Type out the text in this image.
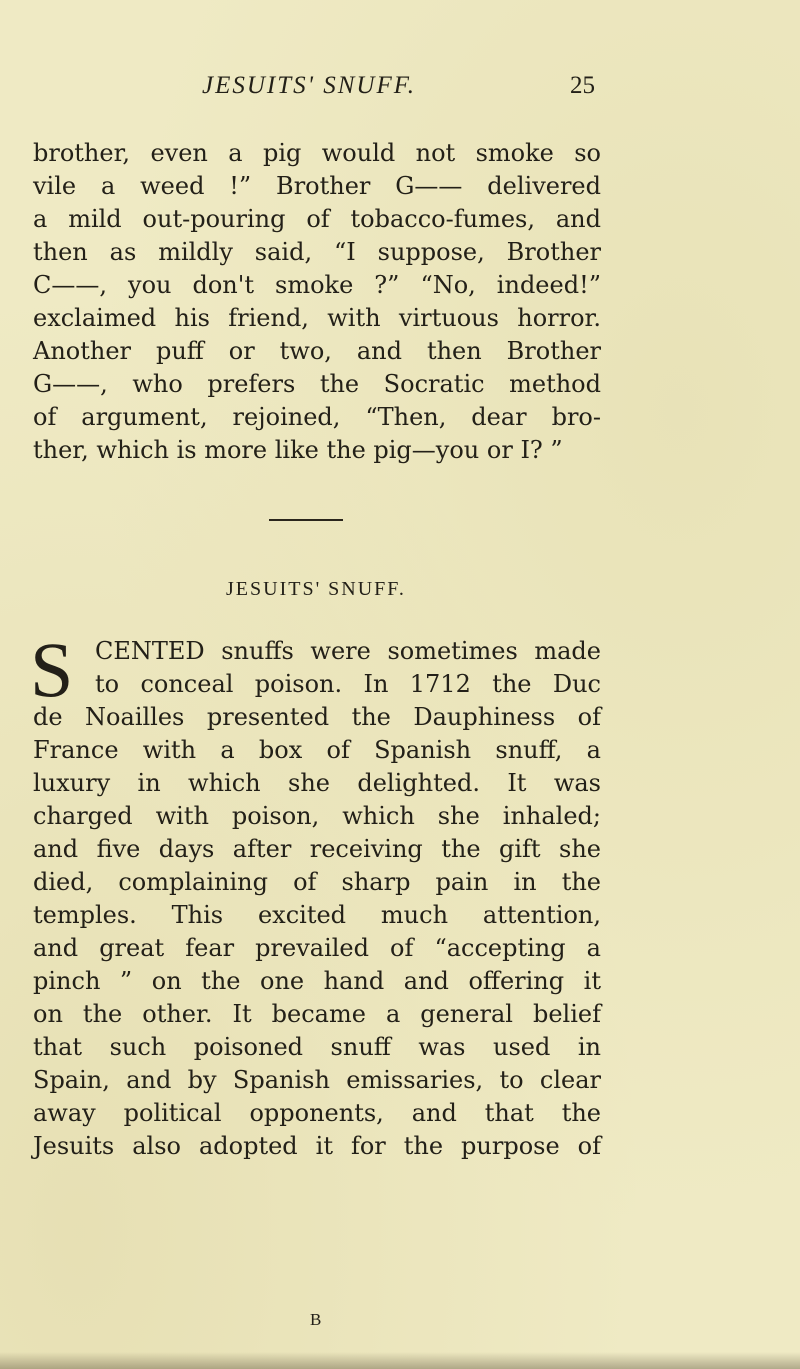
JESUITS' SNUFF.	25
brother, even a pig would not smoke so
vile a weed !” Brother G—— delivered
a mild out-pouring of tobacco-fumes, and
then as mildly said, “I suppose, Brother
C——, you don't smoke ?” “No, indeed!”
exclaimed his friend, with virtuous horror.
Another puff or two, and then Brother
G——, who prefers the Socratic method
of argument, rejoined, “Then, dear bro-
ther, which is more like the pig—you or I? ”
JESUITS' SNUFF.
S CENTED snuffs were sometimes made
to conceal poison. In 1712 the Duc
de Noailles presented the Dauphiness of
France with a box of Spanish snuff, a
luxury in which she delighted. It was
charged with poison, which she inhaled;
and five days after receiving the gift she
died, complaining of sharp pain in the
temples. This excited much attention,
and great fear prevailed of “accepting a
pinch ” on the one hand and offering it
on the other. It became a general belief
that such poisoned snuff was used in
Spain, and by Spanish emissaries, to clear
away political opponents, and that the
Jesuits also adopted it for the purpose of
B
